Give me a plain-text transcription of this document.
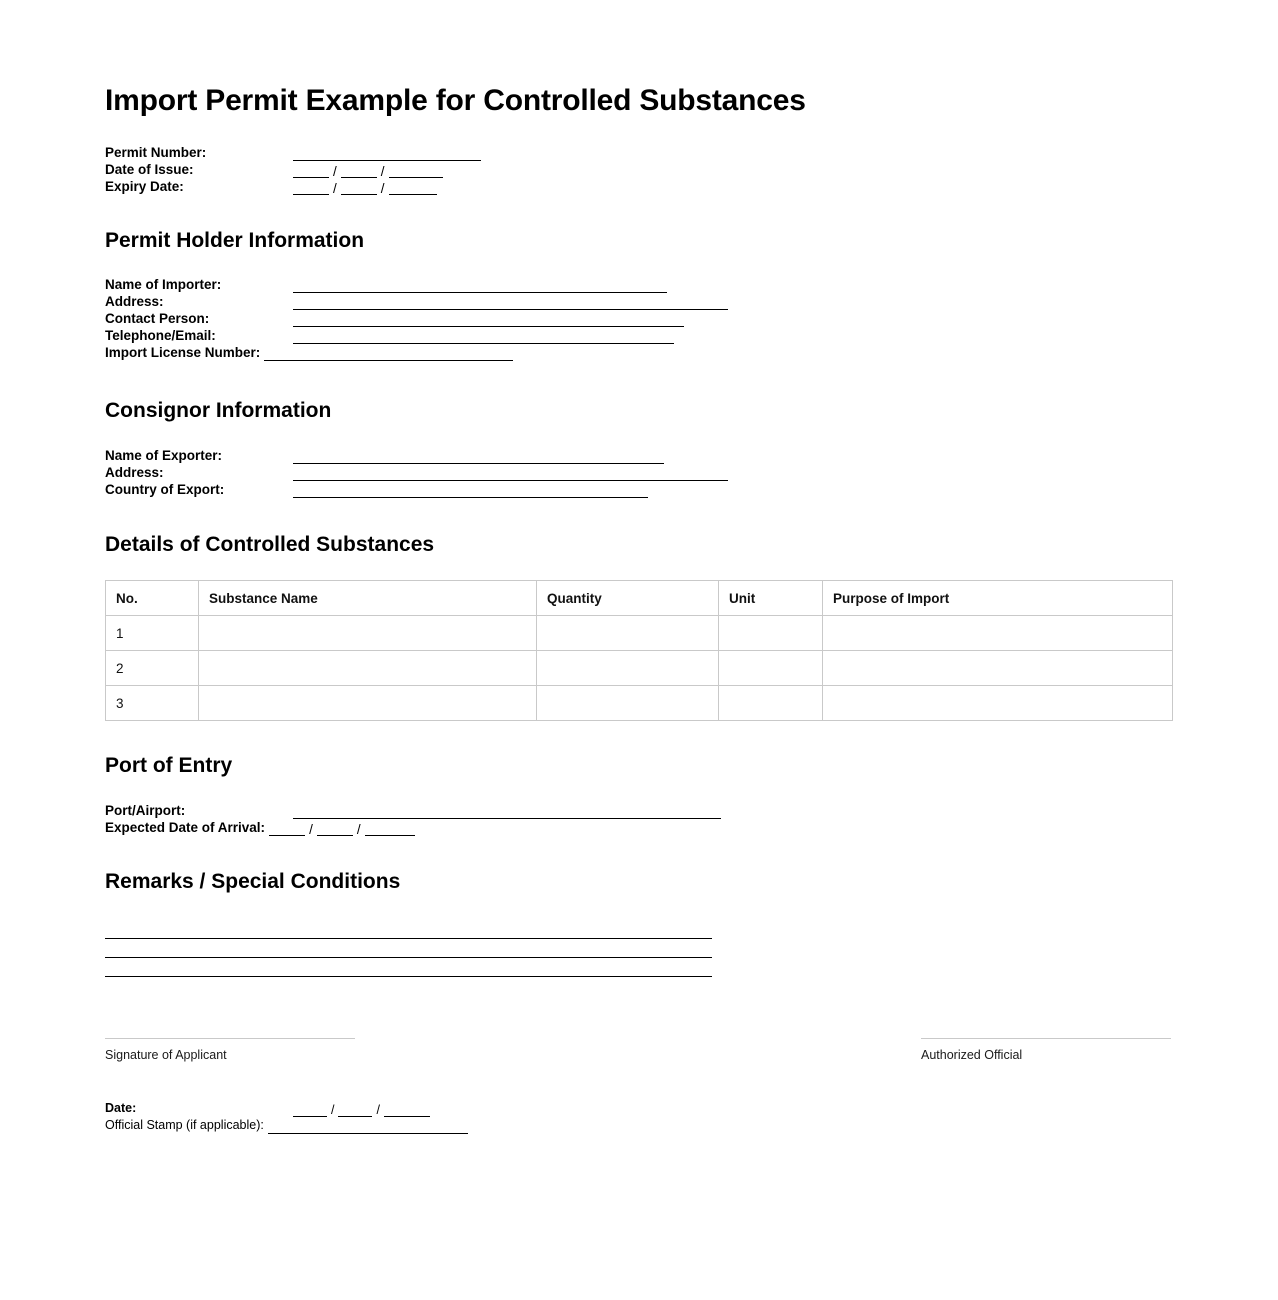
Import Permit Example for Controlled Substances
Permit Number:
Date of Issue:	/	/
Expiry Date:	/	/
Permit Holder Information
Name of Importer:
Address:
Contact Person:
Telephone/Email:
Import License Number:
Consignor Information
Name of Exporter:
Address:
Country of Export:
Details of Controlled Substances
No.	Substance Name	Quantity	Unit	Purpose of Import
1				
2				
3				
Port of Entry
Port/Airport:
Expected Date of Arrival:	/	/
Remarks / Special Conditions
Signature of Applicant	Authorized Official
Date:	/	/
Official Stamp (if applicable):
